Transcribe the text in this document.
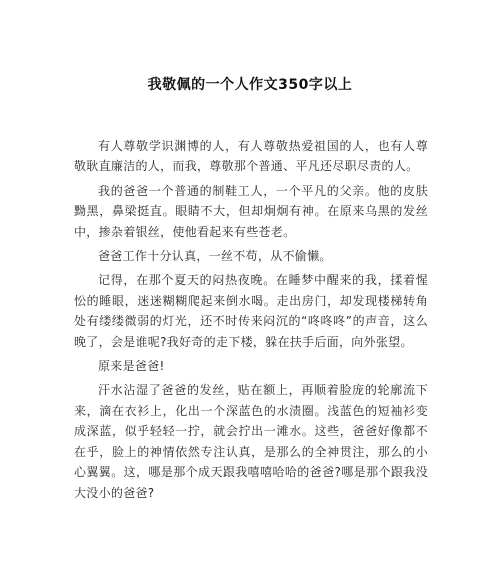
我敬佩的一个人作文350字以上

有人尊敬学识渊博的人，有人尊敬热爱祖国的人，也有人尊敬耿直廉洁的人，而我，尊敬那个普通、平凡还尽职尽责的人。

我的爸爸一个普通的制鞋工人，一个平凡的父亲。他的皮肤黝黑，鼻梁挺直。眼睛不大，但却炯炯有神。在原来乌黑的发丝中，掺杂着银丝，使他看起来有些苍老。

爸爸工作十分认真，一丝不苟，从不偷懒。

记得，在那个夏天的闷热夜晚。在睡梦中醒来的我，揉着惺忪的睡眼，迷迷糊糊爬起来倒水喝。走出房门，却发现楼梯转角处有缕缕微弱的灯光，还不时传来闷沉的“咚咚咚”的声音，这么晚了，会是谁呢?我好奇的走下楼，躲在扶手后面，向外张望。

原来是爸爸!

汗水沾湿了爸爸的发丝，贴在额上，再顺着脸庞的轮廓流下来，滴在衣衫上，化出一个深蓝色的水渍圈。浅蓝色的短袖衫变成深蓝，似乎轻轻一拧，就会拧出一滩水。这些，爸爸好像都不在乎，脸上的神情依然专注认真，是那么的全神贯注，那么的小心翼翼。这，哪是那个成天跟我嘻嘻哈哈的爸爸?哪是那个跟我没大没小的爸爸?
